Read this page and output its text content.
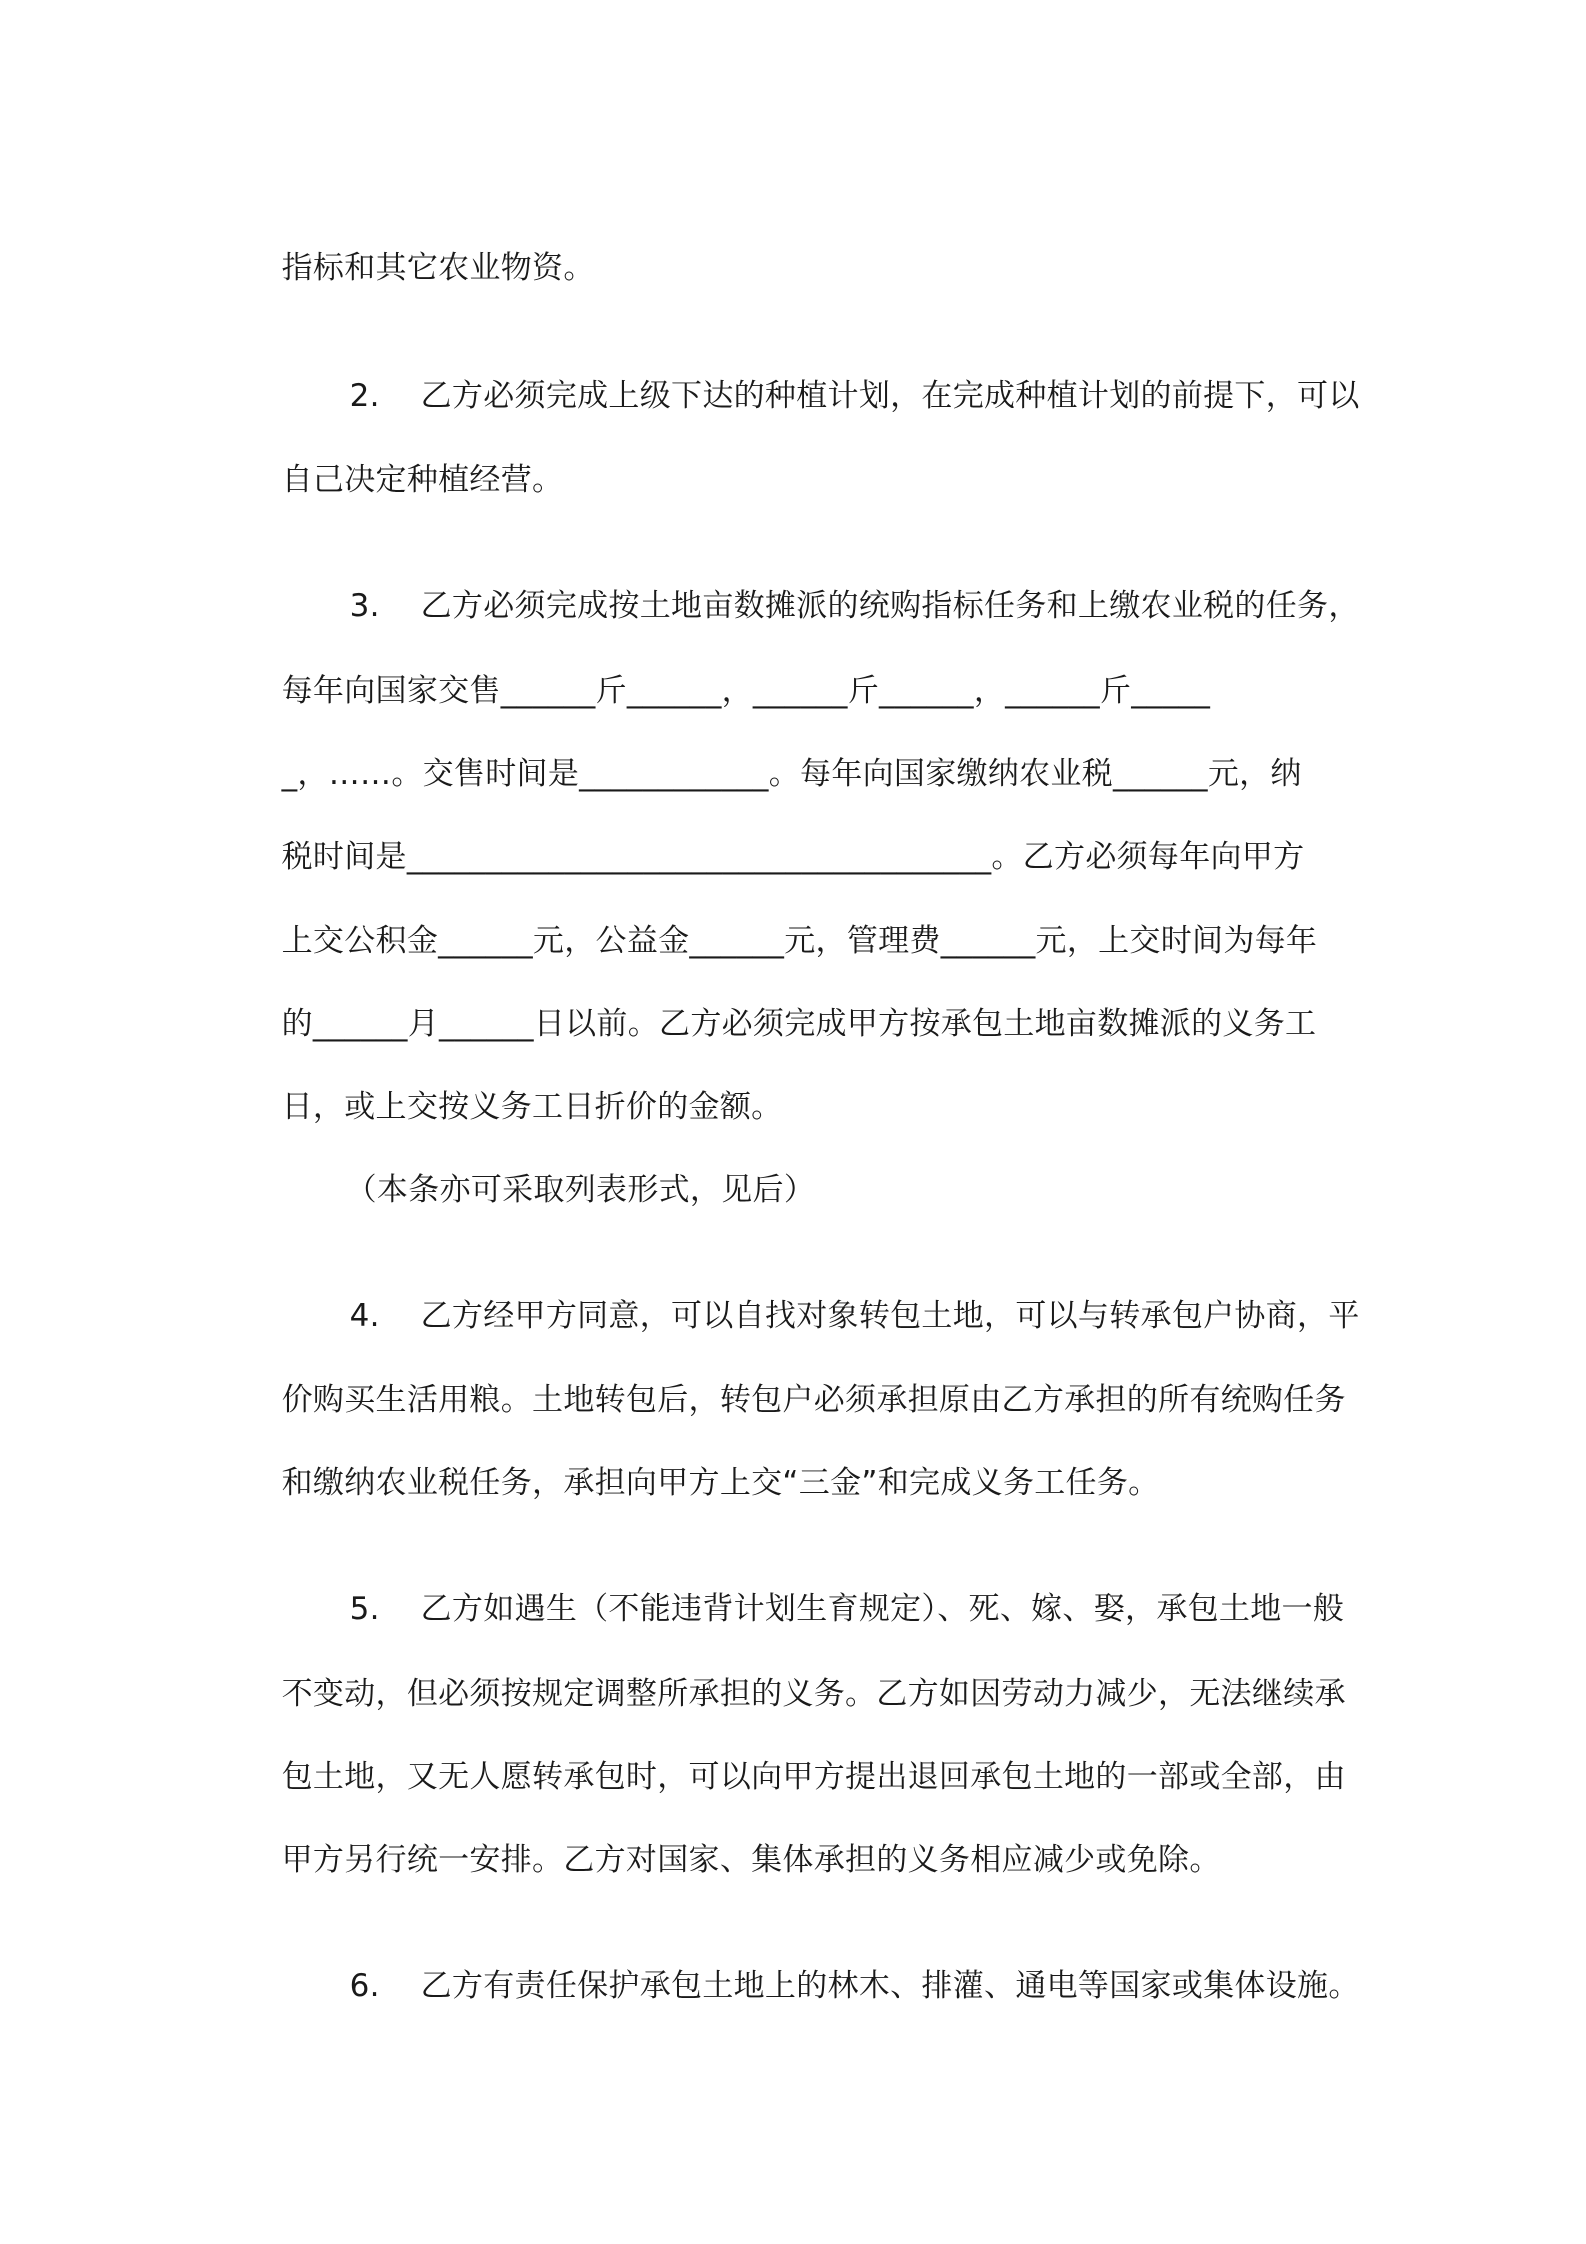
指标和其它农业物资。

2. 乙方必须完成上级下达的种植计划，在完成种植计划的前提下，可以

自己决定种植经营。

3. 乙方必须完成按土地亩数摊派的统购指标任务和上缴农业税的任务，

每年向国家交售______斤______，______斤______，______斤_____

_，……。交售时间是____________。每年向国家缴纳农业税______元，纳

税时间是_____________________________________。乙方必须每年向甲方

上交公积金______元，公益金______元，管理费______元，上交时间为每年

的______月______日以前。乙方必须完成甲方按承包土地亩数摊派的义务工

日，或上交按义务工日折价的金额。

（本条亦可采取列表形式，见后）

4. 乙方经甲方同意，可以自找对象转包土地，可以与转承包户协商，平

价购买生活用粮。土地转包后，转包户必须承担原由乙方承担的所有统购任务

和缴纳农业税任务，承担向甲方上交“三金”和完成义务工任务。

5. 乙方如遇生（不能违背计划生育规定）、死、嫁、娶，承包土地一般

不变动，但必须按规定调整所承担的义务。乙方如因劳动力减少，无法继续承

包土地，又无人愿转承包时，可以向甲方提出退回承包土地的一部或全部，由

甲方另行统一安排。乙方对国家、集体承担的义务相应减少或免除。

6. 乙方有责任保护承包土地上的林木、排灌、通电等国家或集体设施。
